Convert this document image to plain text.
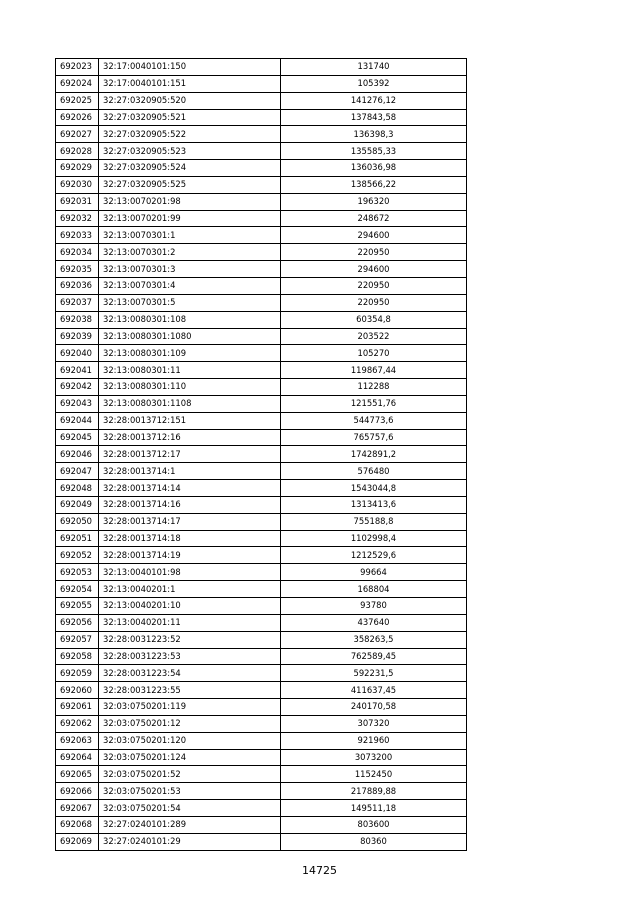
692023	32:17:0040101:150	131740
692024	32:17:0040101:151	105392
692025	32:27:0320905:520	141276,12
692026	32:27:0320905:521	137843,58
692027	32:27:0320905:522	136398,3
692028	32:27:0320905:523	135585,33
692029	32:27:0320905:524	136036,98
692030	32:27:0320905:525	138566,22
692031	32:13:0070201:98	196320
692032	32:13:0070201:99	248672
692033	32:13:0070301:1	294600
692034	32:13:0070301:2	220950
692035	32:13:0070301:3	294600
692036	32:13:0070301:4	220950
692037	32:13:0070301:5	220950
692038	32:13:0080301:108	60354,8
692039	32:13:0080301:1080	203522
692040	32:13:0080301:109	105270
692041	32:13:0080301:11	119867,44
692042	32:13:0080301:110	112288
692043	32:13:0080301:1108	121551,76
692044	32:28:0013712:151	544773,6
692045	32:28:0013712:16	765757,6
692046	32:28:0013712:17	1742891,2
692047	32:28:0013714:1	576480
692048	32:28:0013714:14	1543044,8
692049	32:28:0013714:16	1313413,6
692050	32:28:0013714:17	755188,8
692051	32:28:0013714:18	1102998,4
692052	32:28:0013714:19	1212529,6
692053	32:13:0040101:98	99664
692054	32:13:0040201:1	168804
692055	32:13:0040201:10	93780
692056	32:13:0040201:11	437640
692057	32:28:0031223:52	358263,5
692058	32:28:0031223:53	762589,45
692059	32:28:0031223:54	592231,5
692060	32:28:0031223:55	411637,45
692061	32:03:0750201:119	240170,58
692062	32:03:0750201:12	307320
692063	32:03:0750201:120	921960
692064	32:03:0750201:124	3073200
692065	32:03:0750201:52	1152450
692066	32:03:0750201:53	217889,88
692067	32:03:0750201:54	149511,18
692068	32:27:0240101:289	803600
692069	32:27:0240101:29	80360
14725
